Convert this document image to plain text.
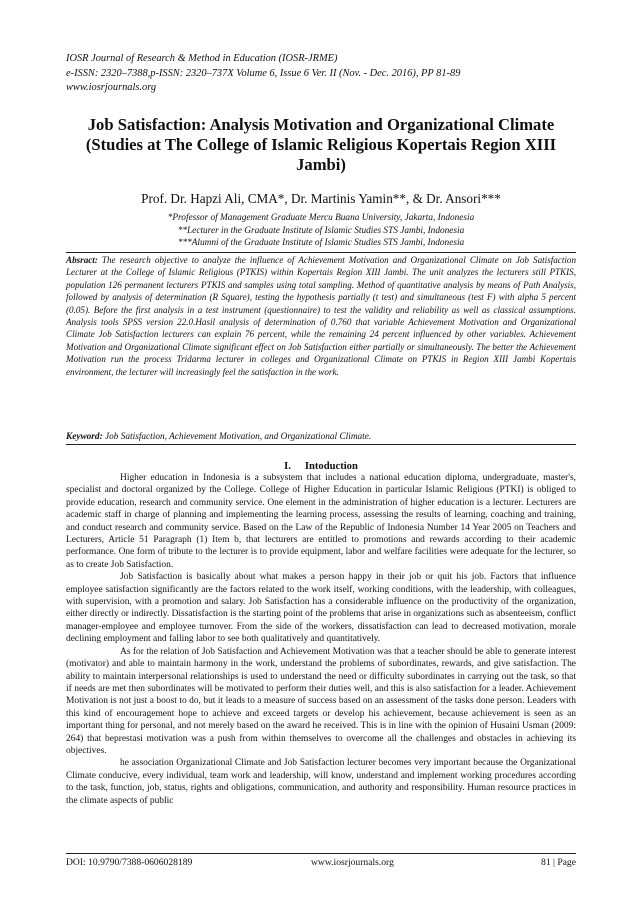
IOSR Journal of Research & Method in Education (IOSR-JRME)
e-ISSN: 2320–7388,p-ISSN: 2320–737X Volume 6, Issue 6 Ver. II (Nov. - Dec. 2016), PP 81-89
www.iosrjournals.org
Job Satisfaction: Analysis Motivation and Organizational Climate (Studies at The College of Islamic Religious Kopertais Region XIII Jambi)
Prof. Dr. Hapzi Ali, CMA*, Dr. Martinis Yamin**, & Dr. Ansori***
*Professor of Management Graduate Mercu Buana University, Jakarta, Indonesia
**Lecturer in the Graduate Institute of Islamic Studies STS Jambi, Indonesia
***Alumni of the Graduate Institute of Islamic Studies STS Jambi, Indonesia
Absract: The research objective to analyze the influence of Achievement Motivation and Organizational Climate on Job Satisfaction Lecturer at the College of Islamic Religious (PTKIS) within Kopertais Region XIII Jambi. The unit analyzes the lecturers still PTKIS, population 126 permanent lecturers PTKIS and samples using total sampling. Method of quantitative analysis by means of Path Analysis, followed by analysis of determination (R Square), testing the hypothesis partially (t test) and simultaneous (test F) with alpha 5 percent (0.05). Before the first analysis in a test instrument (questionnaire) to test the validity and reliability as well as classical assumptions. Analysis tools SPSS version 22.0.Hasil analysis of determination of 0.760 that variable Achievement Motivation and Organizational Climate Job Satisfaction lecturers can explain 76 percent, while the remaining 24 percent influenced by other variables. Achievement Motivation and Organizational Climate significant effect on Job Satisfaction either partially or simultaneously. The better the Achievement Motivation run the process Tridarma lecturer in colleges and Organizational Climate on PTKIS in Region XIII Jambi Kopertais environment, the lecturer will increasingly feel the satisfaction in the work.
Keyword: Job Satisfaction, Achievement Motivation, and Organizational Climate.
I. Intoduction

Higher education in Indonesia is a subsystem that includes a national education diploma, undergraduate, master's, specialist and doctoral organized by the College. College of Higher Education in particular Islamic Religious (PTKI) is obliged to provide education, research and community service. One element in the administration of higher education is a lecturer. Lecturers are academic staff in charge of planning and implementing the learning process, assessing the results of learning, coaching and training, and conduct research and community service. Based on the Law of the Republic of Indonesia Number 14 Year 2005 on Teachers and Lecturers, Article 51 Paragraph (1) Item b, that lecturers are entitled to promotions and rewards according to their academic performance. One form of tribute to the lecturer is to provide equipment, labor and welfare facilities were adequate for the lecturer, so as to create Job Satisfaction.

Job Satisfaction is basically about what makes a person happy in their job or quit his job. Factors that influence employee satisfaction significantly are the factors related to the work itself, working conditions, with the leadership, with colleagues, with supervision, with a promotion and salary. Job Satisfaction has a considerable influence on the productivity of the organization, either directly or indirectly. Dissatisfaction is the starting point of the problems that arise in organizations such as absenteeism, conflict manager-employee and employee turnover. From the side of the workers, dissatisfaction can lead to decreased motivation, morale declining employment and falling labor to see both qualitatively and quantitatively.

As for the relation of Job Satisfaction and Achievement Motivation was that a teacher should be able to generate interest (motivator) and able to maintain harmony in the work, understand the problems of subordinates, rewards, and give satisfaction. The ability to maintain interpersonal relationships is used to understand the need or difficulty subordinates in carrying out the task, so that if needs are met then subordinates will be motivated to perform their duties well, and this is also satisfaction for a leader. Achievement Motivation is not just a boost to do, but it leads to a measure of success based on an assessment of the tasks done person. Leaders with this kind of encouragement hope to achieve and exceed targets or develop his achievement, because achievement is seen as an important thing for personal, and not merely based on the award he received. This is in line with the opinion of Husaini Usman (2009: 264) that beprestasi motivation was a push from within themselves to overcome all the challenges and obstacles in achieving its objectives.

he association Organizational Climate and Job Satisfaction lecturer becomes very important because the Organizational Climate conducive, every individual, team work and leadership, will know, understand and implement working procedures according to the task, function, job, status, rights and obligations, communication, and authority and responsibility. Human resource practices in the climate aspects of public

DOI: 10.9790/7388-0606028189	www.iosrjournals.org	81 | Page
